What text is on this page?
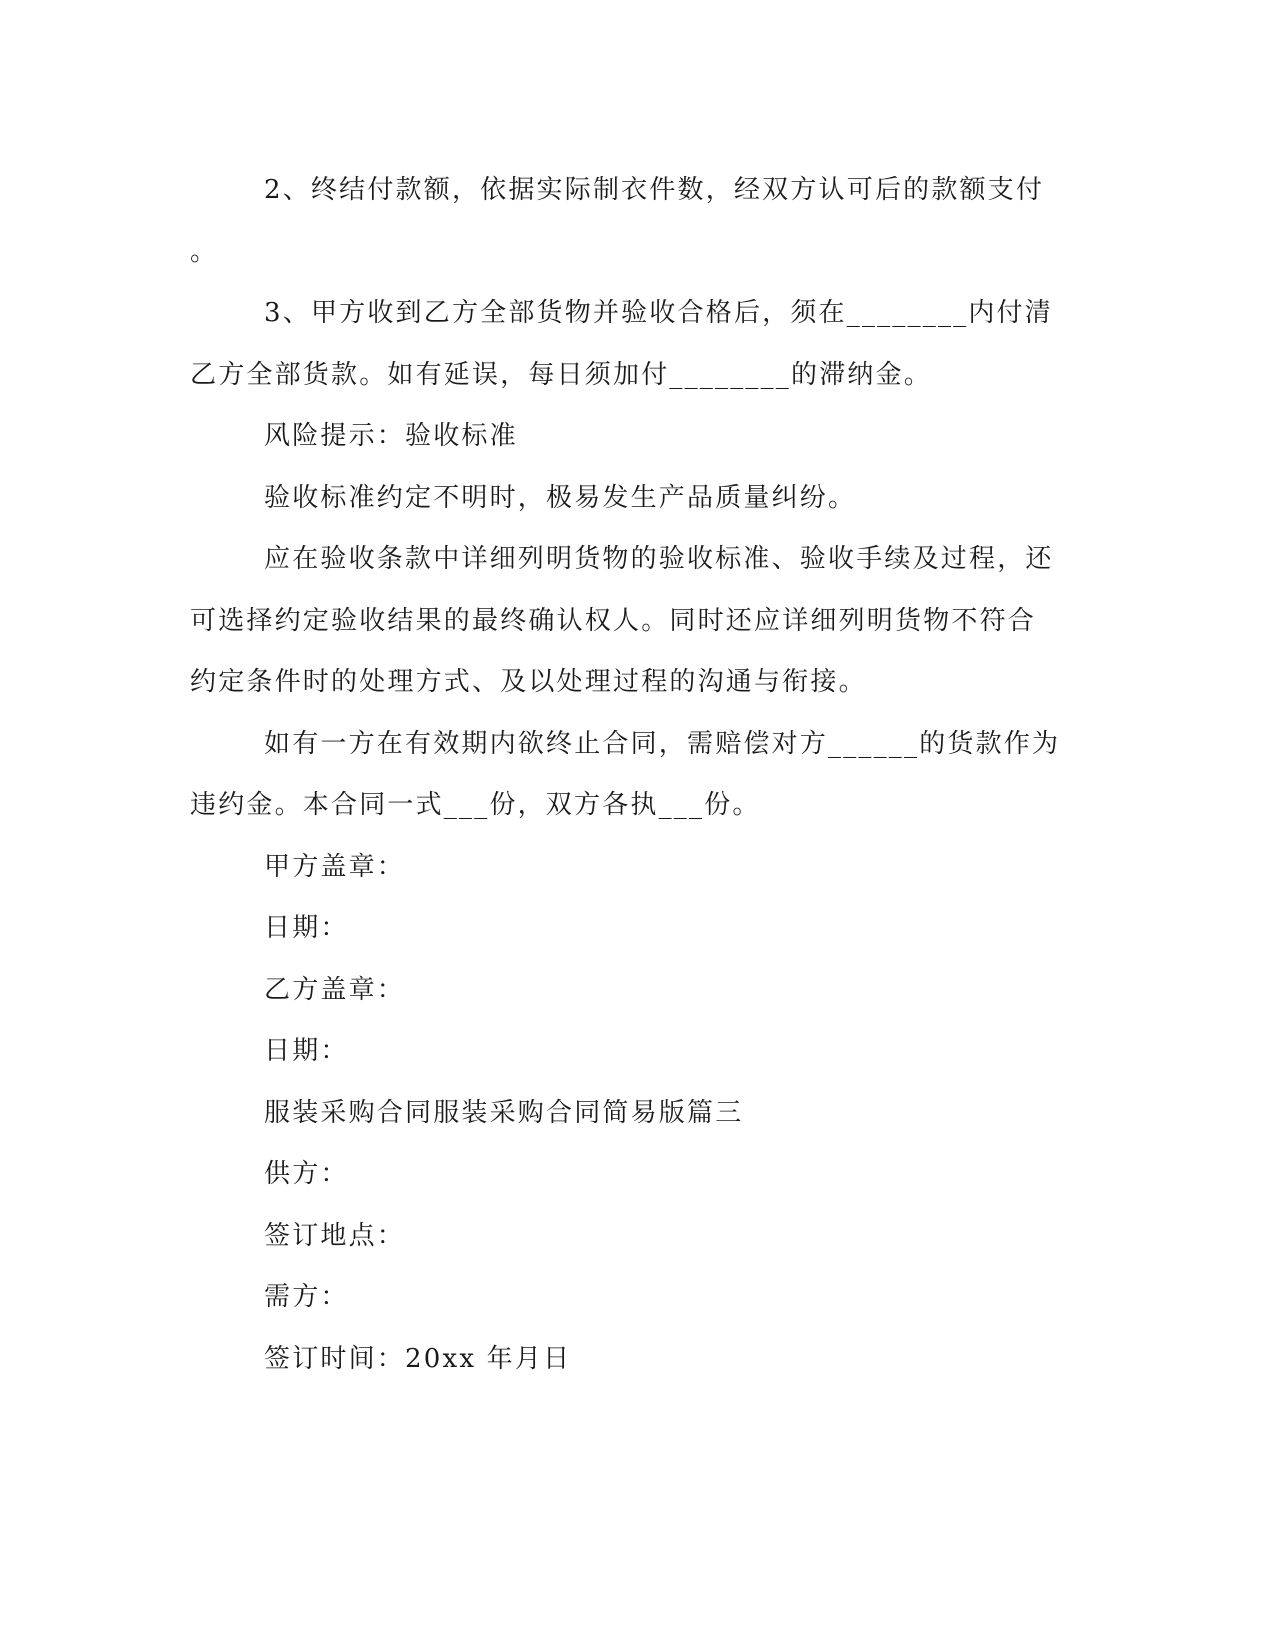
2、终结付款额，依据实际制衣件数，经双方认可后的款额支付
。
3、甲方收到乙方全部货物并验收合格后，须在________内付清
乙方全部货款。如有延误，每日须加付________的滞纳金。
风险提示：验收标准
验收标准约定不明时，极易发生产品质量纠纷。
应在验收条款中详细列明货物的验收标准、验收手续及过程，还
可选择约定验收结果的最终确认权人。同时还应详细列明货物不符合
约定条件时的处理方式、及以处理过程的沟通与衔接。
如有一方在有效期内欲终止合同，需赔偿对方______的货款作为
违约金。本合同一式___份，双方各执___份。
甲方盖章：
日期：
乙方盖章：
日期：
服装采购合同服装采购合同简易版篇三
供方：
签订地点：
需方：
签订时间：20xx 年月日
